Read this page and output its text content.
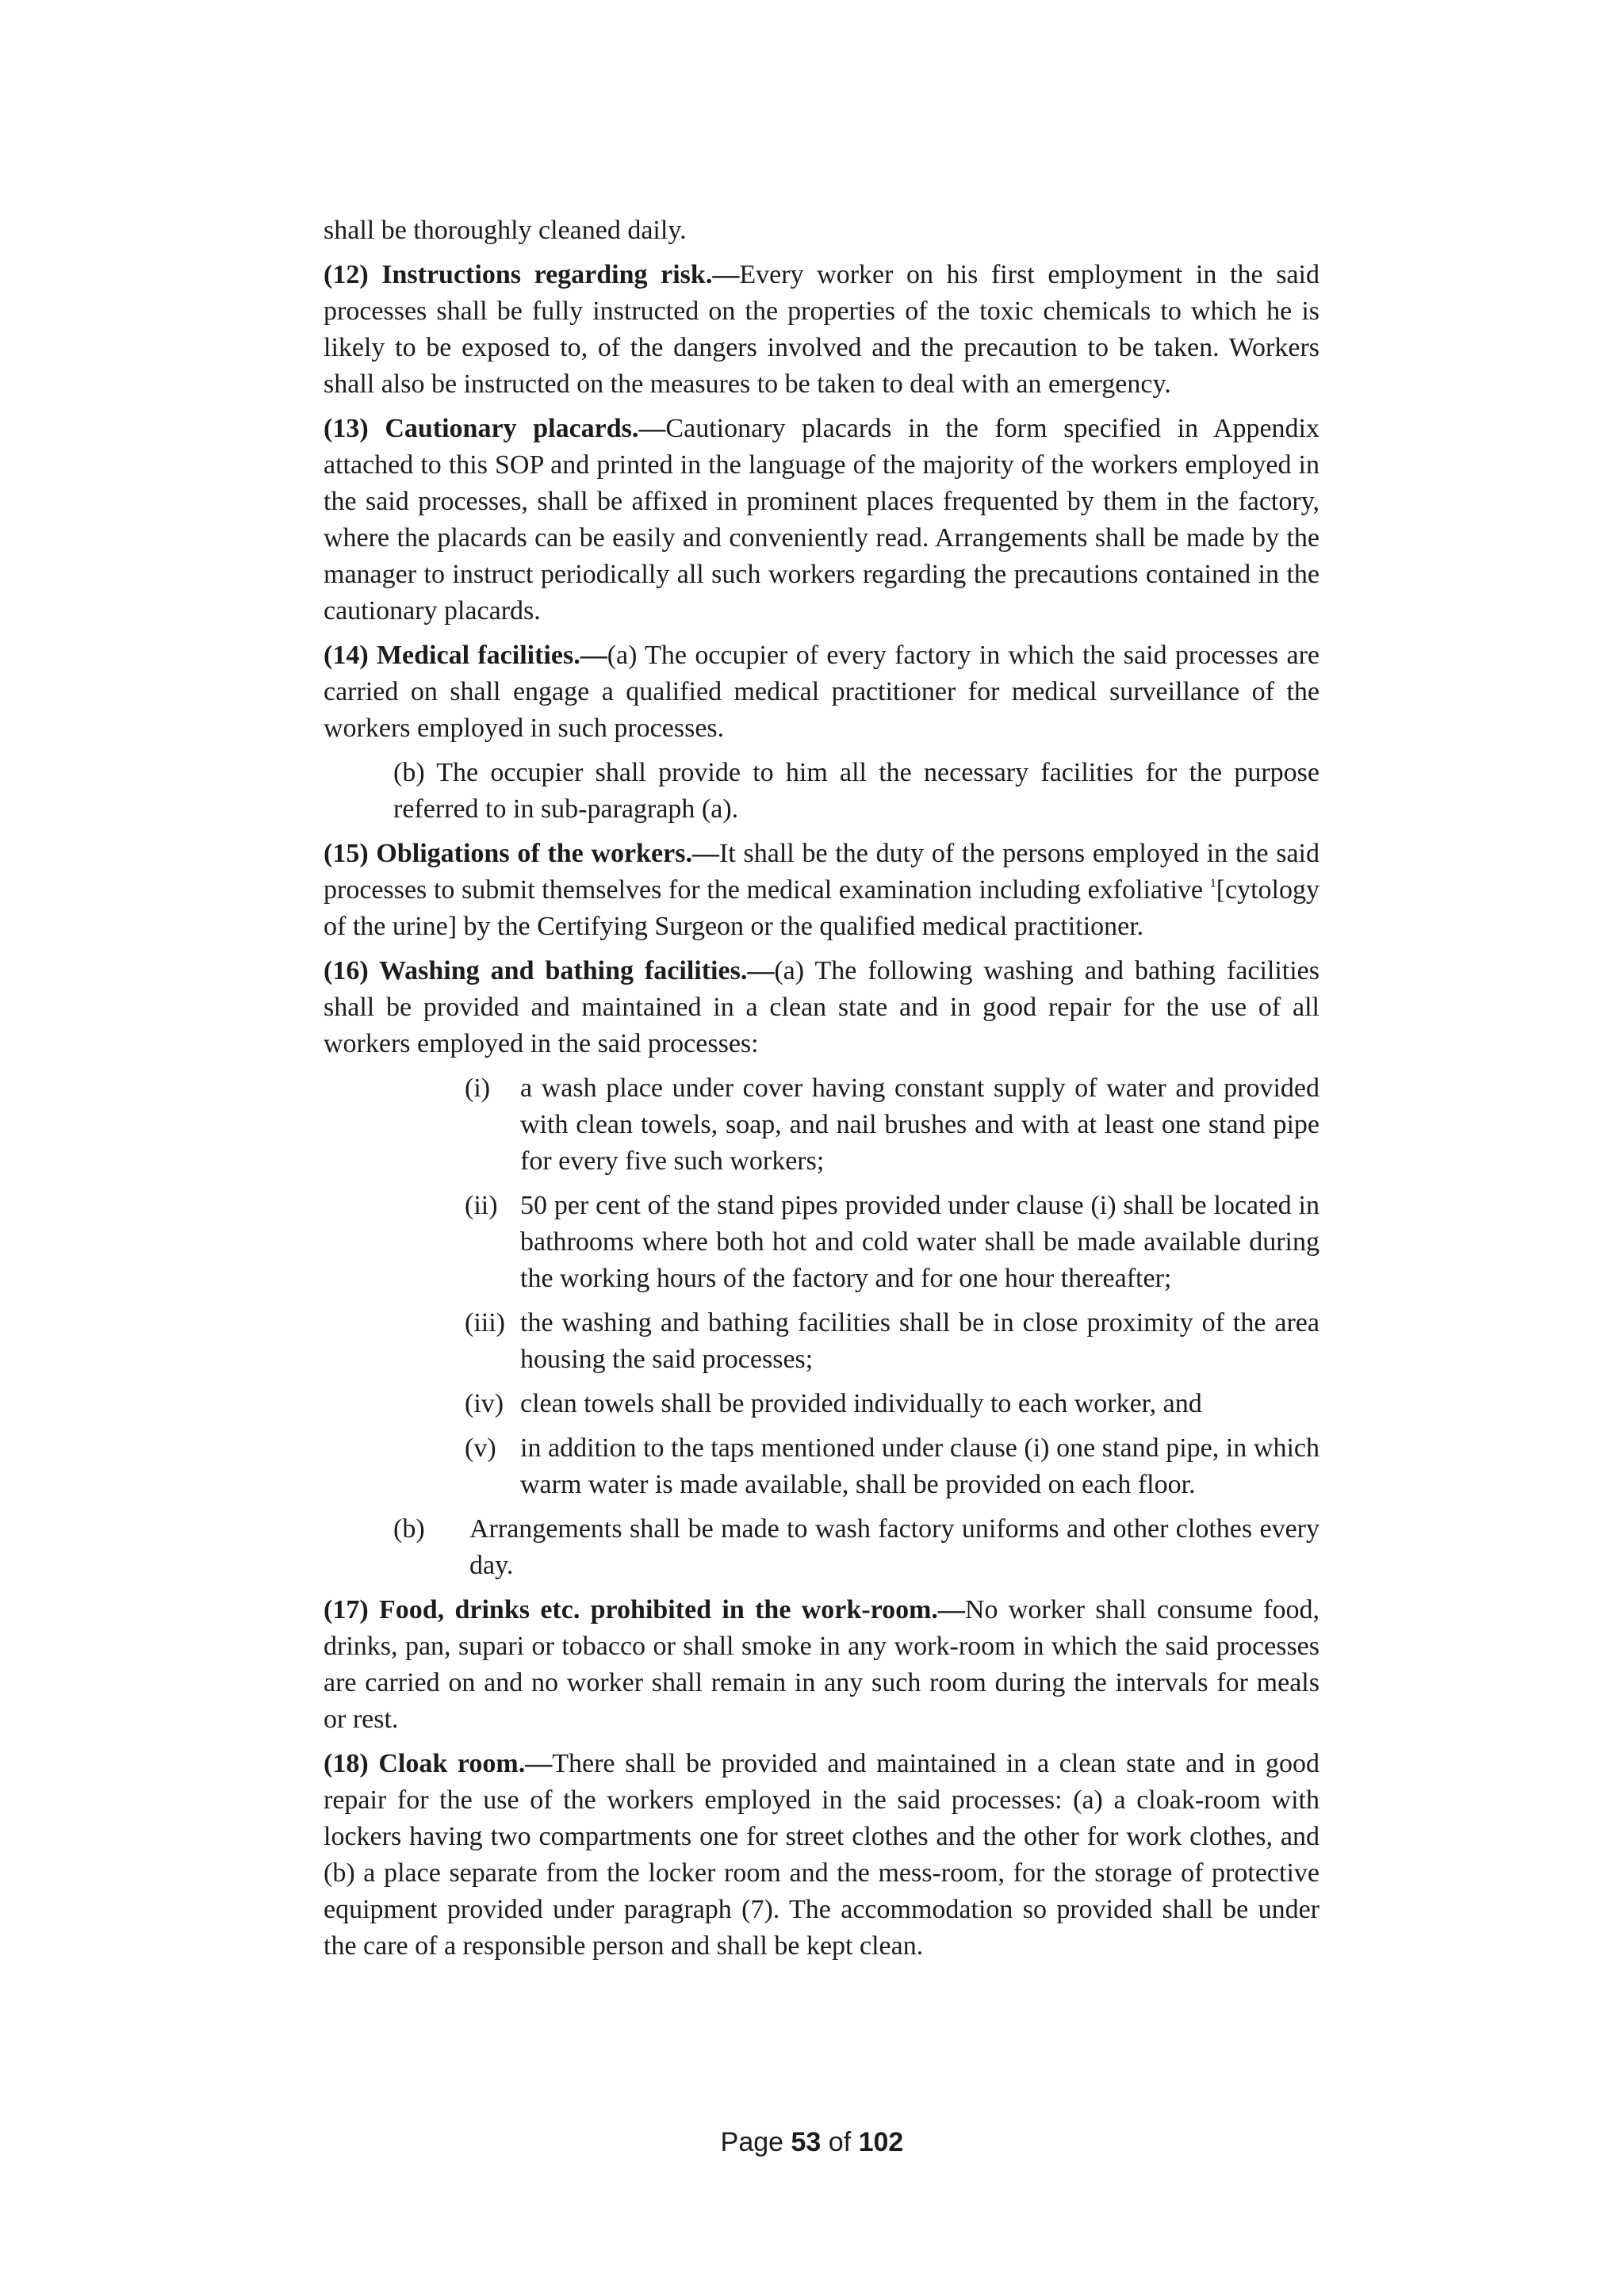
shall be thoroughly cleaned daily.

(12) Instructions regarding risk.—Every worker on his first employment in the said processes shall be fully instructed on the properties of the toxic chemicals to which he is likely to be exposed to, of the dangers involved and the precaution to be taken. Workers shall also be instructed on the measures to be taken to deal with an emergency.

(13) Cautionary placards.—Cautionary placards in the form specified in Appendix attached to this SOP and printed in the language of the majority of the workers employed in the said processes, shall be affixed in prominent places frequented by them in the factory, where the placards can be easily and conveniently read. Arrangements shall be made by the manager to instruct periodically all such workers regarding the precautions contained in the cautionary placards.

(14) Medical facilities.—(a) The occupier of every factory in which the said processes are carried on shall engage a qualified medical practitioner for medical surveillance of the workers employed in such processes.

(b) The occupier shall provide to him all the necessary facilities for the purpose referred to in sub-paragraph (a).

(15) Obligations of the workers.—It shall be the duty of the persons employed in the said processes to submit themselves for the medical examination including exfoliative $^1$[cytology of the urine] by the Certifying Surgeon or the qualified medical practitioner.

(16) Washing and bathing facilities.—(a) The following washing and bathing facilities shall be provided and maintained in a clean state and in good repair for the use of all workers employed in the said processes:

(i) a wash place under cover having constant supply of water and provided with clean towels, soap, and nail brushes and with at least one stand pipe for every five such workers;
(ii) 50 per cent of the stand pipes provided under clause (i) shall be located in bathrooms where both hot and cold water shall be made available during the working hours of the factory and for one hour thereafter;
(iii) the washing and bathing facilities shall be in close proximity of the area housing the said processes;
(iv) clean towels shall be provided individually to each worker, and
(v) in addition to the taps mentioned under clause (i) one stand pipe, in which warm water is made available, shall be provided on each floor.
(b) Arrangements shall be made to wash factory uniforms and other clothes every day.

(17) Food, drinks etc. prohibited in the work-room.—No worker shall consume food, drinks, pan, supari or tobacco or shall smoke in any work-room in which the said processes are carried on and no worker shall remain in any such room during the intervals for meals or rest.

(18) Cloak room.—There shall be provided and maintained in a clean state and in good repair for the use of the workers employed in the said processes: (a) a cloak-room with lockers having two compartments one for street clothes and the other for work clothes, and (b) a place separate from the locker room and the mess-room, for the storage of protective equipment provided under paragraph (7). The accommodation so provided shall be under the care of a responsible person and shall be kept clean.

Page 53 of 102
